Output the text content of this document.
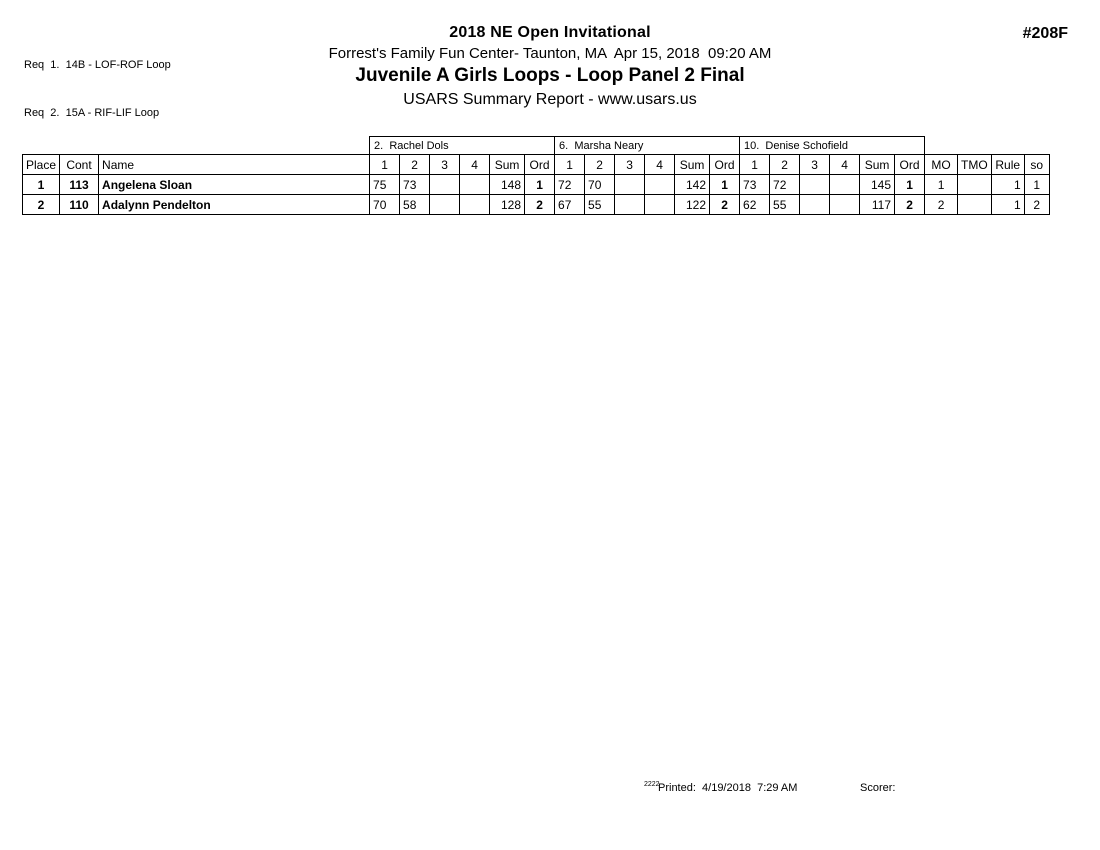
Req  1.  14B - LOF-ROF Loop

Req  2.  15A - RIF-LIF Loop

2018 NE Open Invitational
Forrest's Family Fun Center- Taunton, MA  Apr 15, 2018  09:20 AM
Juvenile A Girls Loops - Loop Panel 2 Final
USARS Summary Report - www.usars.us
#208F
			2.  Rachel Dols						6.  Marsha Neary						10.  Denise Schofield									
Place	Cont	Name	1	2	3	4	Sum	Ord	1	2	3	4	Sum	Ord	1	2	3	4	Sum	Ord	MO	TMO	Rule	so
1	113	Angelena Sloan	75	73			148	1	72	70			142	1	73	72			145	1	1		1	1
2	110	Adalynn Pendelton	70	58			128	2	67	55			122	2	62	55			117	2	2		1	2
2222
Printed:  4/19/2018  7:29 AM	Scorer:
